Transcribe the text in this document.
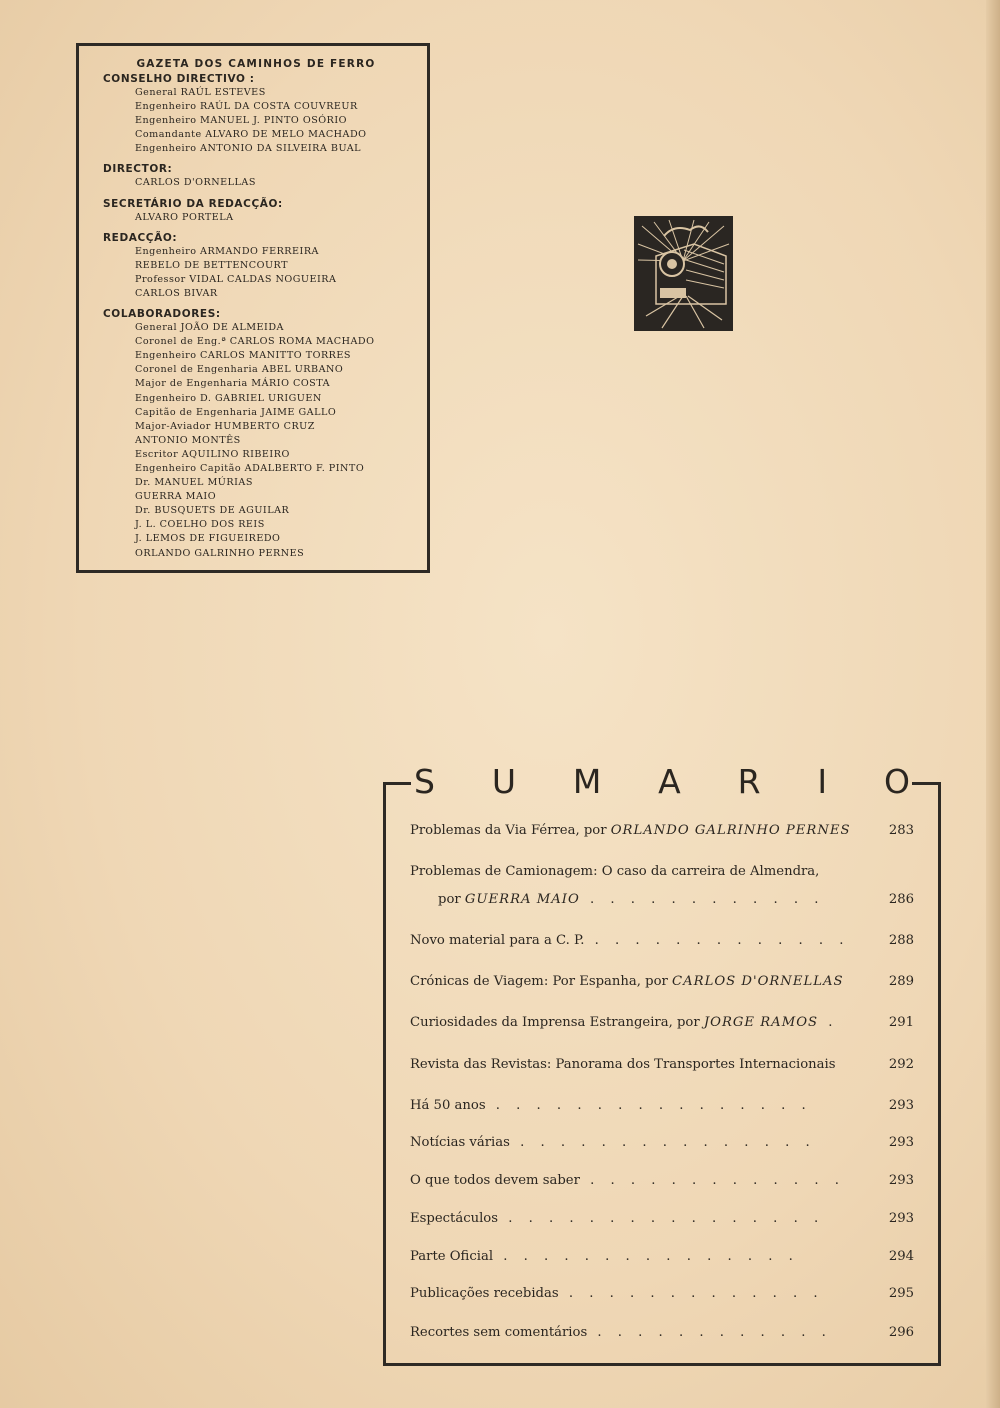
GAZETA DOS CAMINHOS DE FERRO
CONSELHO DIRECTIVO :
General RAÚL ESTEVES
Engenheiro RAÚL DA COSTA COUVREUR
Engenheiro MANUEL J. PINTO OSÓRIO
Comandante ALVARO DE MELO MACHADO
Engenheiro ANTONIO DA SILVEIRA BUAL
DIRECTOR:
CARLOS D'ORNELLAS
SECRETÁRIO DA REDACÇÃO:
ALVARO PORTELA
REDACÇÃO:
Engenheiro ARMANDO FERREIRA
REBELO DE BETTENCOURT
Professor VIDAL CALDAS NOGUEIRA
CARLOS BIVAR
COLABORADORES:
General JOÃO DE ALMEIDA
Coronel de Eng.ª CARLOS ROMA MACHADO
Engenheiro CARLOS MANITTO TORRES
Coronel de Engenharia ABEL URBANO
Major de Engenharia MÁRIO COSTA
Engenheiro D. GABRIEL URIGUEN
Capitão de Engenharia JAIME GALLO
Major-Aviador HUMBERTO CRUZ
ANTONIO MONTÊS
Escritor AQUILINO RIBEIRO
Engenheiro Capitão ADALBERTO F. PINTO
Dr. MANUEL MÚRIAS
GUERRA MAIO
Dr. BUSQUETS DE AGUILAR
J. L. COELHO DOS REIS
J. LEMOS DE FIGUEIREDO
ORLANDO GALRINHO PERNES
S U M A R I O
Problemas da Via Férrea, por ORLANDO GALRINHO PERNES	283
Problemas de Camionagem: O caso da carreira de Almendra,
por GUERRA MAIO . . . . . . . . . . . .	286
Novo material para a C. P. . . . . . . . . . . . . .	288
Crónicas de Viagem: Por Espanha, por CARLOS D'ORNELLAS	289
Curiosidades da Imprensa Estrangeira, por JORGE RAMOS .	291
Revista das Revistas: Panorama dos Transportes Internacionais	292
Há 50 anos . . . . . . . . . . . . . . . .	293
Notícias várias . . . . . . . . . . . . . . .	293
O que todos devem saber . . . . . . . . . . . . .	293
Espectáculos . . . . . . . . . . . . . . . .	293
Parte Oficial . . . . . . . . . . . . . . .	294
Publicações recebidas . . . . . . . . . . . . .	295
Recortes sem comentários . . . . . . . . . . . .	296
